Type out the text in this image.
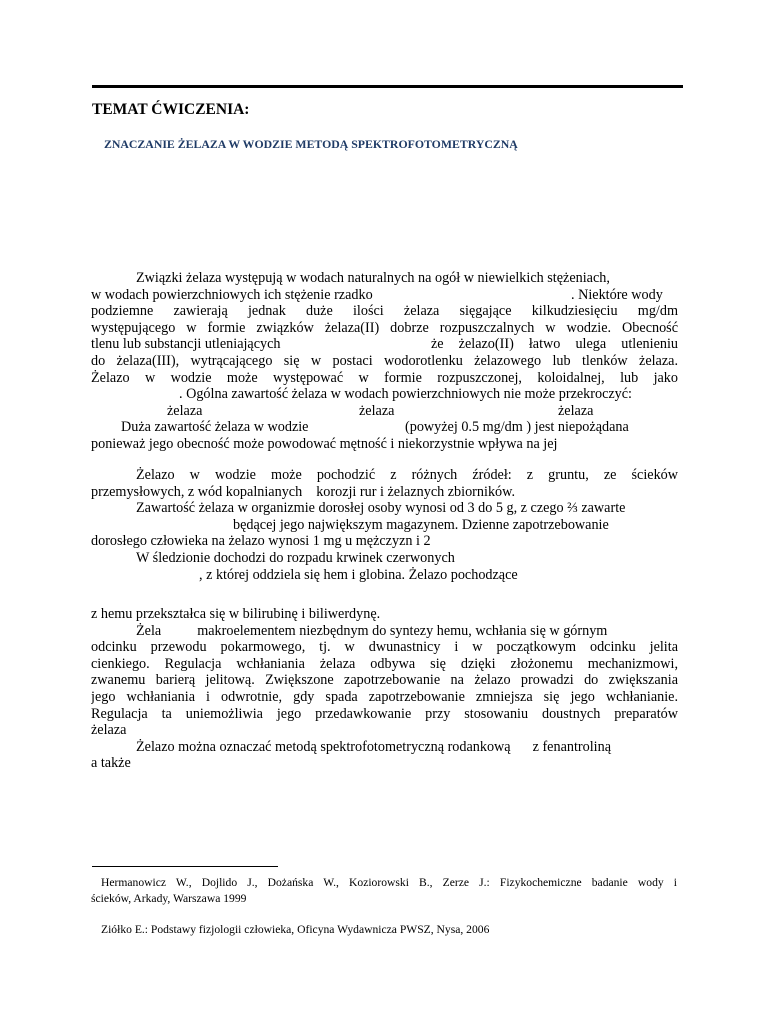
TEMAT ĆWICZENIA:
ZNACZANIE ŻELAZA W WODZIE METODĄ SPEKTROFOTOMETRYCZNĄ
Związki żelaza występują w wodach naturalnych na ogół w niewielkich stężeniach,
w wodach powierzchniowych ich stężenie rzadko	. Niektóre wody
podziemne zawierają jednak duże ilości żelaza sięgające kilkudziesięciu mg/dm
występującego w formie związków żelaza(II) dobrze rozpuszczalnych w wodzie. Obecność
tlenu lub substancji utleniających	że żelazo(II) łatwo ulega utlenieniu
do żelaza(III), wytrącającego się w postaci wodorotlenku żelazowego lub tlenków żelaza.
Żelazo w wodzie może występować w formie rozpuszczonej, koloidalnej, lub jako
. Ogólna zawartość żelaza w wodach powierzchniowych nie może przekroczyć:
żelaza	żelaza	żelaza
Duża zawartość żelaza w wodzie	(powyżej 0.5 mg/dm ) jest niepożądana
ponieważ jego obecność może powodować mętność i niekorzystnie wpływa na jej
Żelazo w wodzie może pochodzić z różnych źródeł: z gruntu, ze ścieków
przemysłowych, z wód kopalnianych korozji rur i żelaznych zbiorników.
Zawartość żelaza w organizmie dorosłej osoby wynosi od 3 do 5 g, z czego ⅔ zawarte
będącej jego największym magazynem. Dzienne zapotrzebowanie
dorosłego człowieka na żelazo wynosi 1 mg u mężczyzn i 2
W śledzionie dochodzi do rozpadu krwinek czerwonych
, z której oddziela się hem i globina. Żelazo pochodzące
z hemu przekształca się w bilirubinę i biliwerdynę.
Żela	makroelementem niezbędnym do syntezy hemu, wchłania się w górnym
odcinku przewodu pokarmowego, tj. w dwunastnicy i w początkowym odcinku jelita
cienkiego. Regulacja wchłaniania żelaza odbywa się dzięki złożonemu mechanizmowi,
zwanemu barierą jelitową. Zwiększone zapotrzebowanie na żelazo prowadzi do zwiększania
jego wchłaniania i odwrotnie, gdy spada zapotrzebowanie zmniejsza się jego wchłanianie.
Regulacja ta uniemożliwia jego przedawkowanie przy stosowaniu doustnych preparatów
żelaza
Żelazo można oznaczać metodą spektrofotometryczną rodankową z fenantroliną
a także
Hermanowicz W., Dojlido J., Dożańska W., Koziorowski B., Zerze J.: Fizykochemiczne badanie wody i
ścieków, Arkady, Warszawa 1999
Ziółko E.: Podstawy fizjologii człowieka, Oficyna Wydawnicza PWSZ, Nysa, 2006
